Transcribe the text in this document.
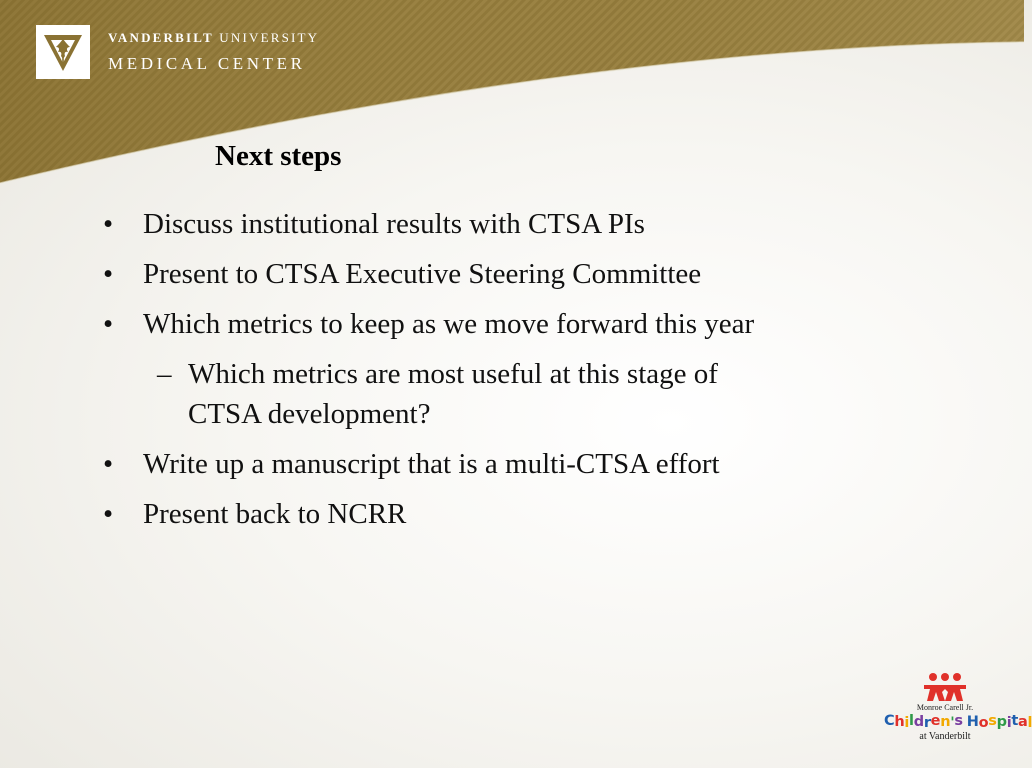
VANDERBILT UNIVERSITY
MEDICAL CENTER
Next steps
• Discuss institutional results with CTSA PIs
• Present to CTSA Executive Steering Committee
• Which metrics to keep as we move forward this year
– Which metrics are most useful at this stage of CTSA development?
• Write up a manuscript that is a multi-CTSA effort
• Present back to NCRR
Monroe Carell Jr.
Children's Hospital
at Vanderbilt
